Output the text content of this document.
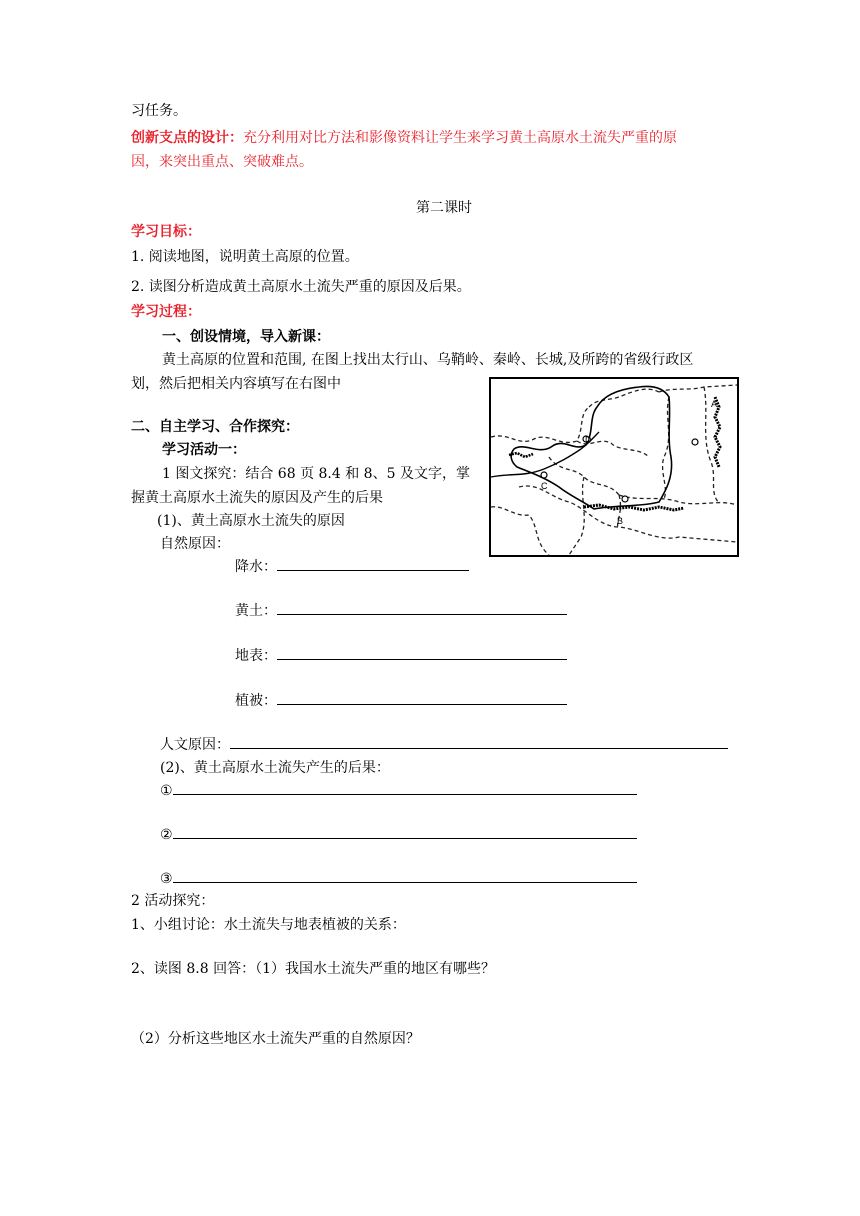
习任务。
创新支点的设计：充分利用对比方法和影像资料让学生来学习黄土高原水土流失严重的原
因，来突出重点、突破难点。
第二课时
学习目标：
1. 阅读地图，说明黄土高原的位置。
2. 读图分析造成黄土高原水土流失严重的原因及后果。
学习过程：
一、创设情境，导入新课：
黄土高原的位置和范围, 在图上找出太行山、乌鞘岭、秦岭、长城,及所跨的省级行政区
划，然后把相关内容填写在右图中
二、自主学习、合作探究：
学习活动一：
1 图文探究：结合 68 页 8.4 和 8、5 及文字，掌
握黄土高原水土流失的原因及产生的后果
(1)、黄土高原水土流失的原因
自然原因：
降水：
黄土：
地表：
植被：
人文原因：
(2)、黄土高原水土流失产生的后果：
①
②
③
2 活动探究：
1、小组讨论：水土流失与地表植被的关系：
2、读图 8.8 回答：（1）我国水土流失严重的地区有哪些？
（2）分析这些地区水土流失严重的自然原因？
A
B
C
D
